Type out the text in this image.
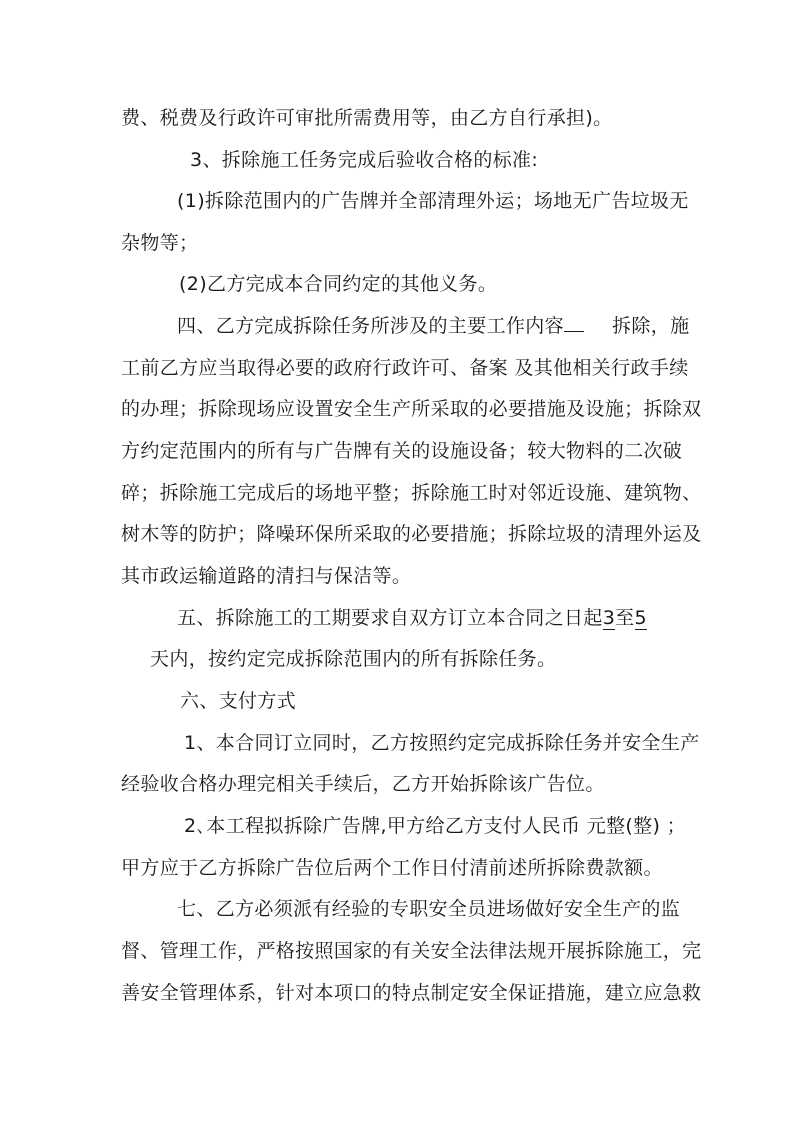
费、税费及行政许可审批所需费用等，由乙方自行承担)。
3、拆除施工任务完成后验收合格的标准:
(1)拆除范围内的广告牌并全部清理外运；场地无广告垃圾无
杂物等；
(2)乙方完成本合同约定的其他义务。
四、乙方完成拆除任务所涉及的主要工作内容	拆除，施
工前乙方应当取得必要的政府行政许可、备案 及其他相关行政手续
的办理；拆除现场应设置安全生产所采取的必要措施及设施；拆除双
方约定范围内的所有与广告牌有关的设施设备；较大物料的二次破
碎；拆除施工完成后的场地平整；拆除施工时对邻近设施、建筑物、
树木等的防护；降噪环保所采取的必要措施；拆除垃圾的清理外运及
其市政运输道路的清扫与保洁等。
五、拆除施工的工期要求自双方订立本合同之日起3至5
天内，按约定完成拆除范围内的所有拆除任务。
六、支付方式
1、本合同订立同时，乙方按照约定完成拆除任务并安全生产
经验收合格办理完相关手续后，乙方开始拆除该广告位。
2､本工程拟拆除广告牌,甲方给乙方支付人民币 元整(整) ；
甲方应于乙方拆除广告位后两个工作日付清前述所拆除费款额。
七、乙方必须派有经验的专职安全员进场做好安全生产的监
督、管理工作，严格按照国家的有关安全法律法规开展拆除施工，完
善安全管理体系，针对本项口的特点制定安全保证措施，建立应急救
